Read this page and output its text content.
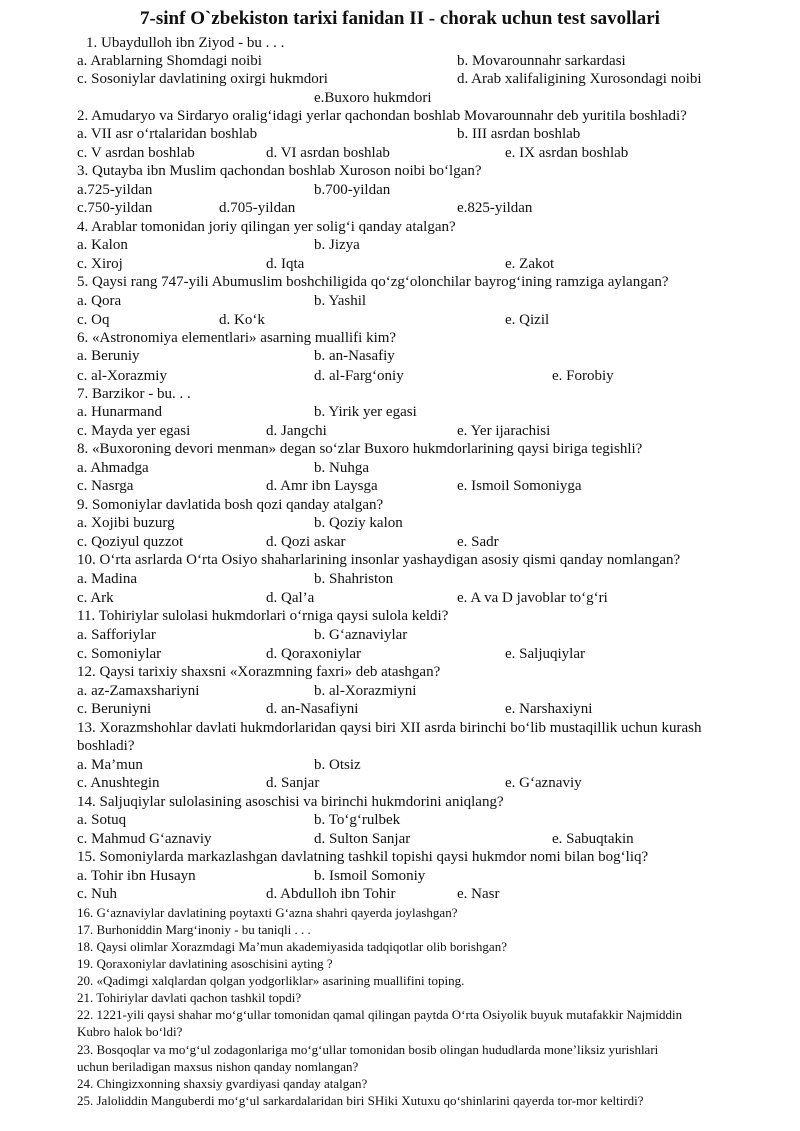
7-sinf O`zbekiston tarixi fanidan II - chorak uchun test savollari
1. Ubaydulloh ibn Ziyod - bu . . .
a. Arablarning Shomdagi noibi	b. Movarounnahr sarkardasi
c. Sosoniylar davlatining oxirgi hukmdori	d. Arab xalifaligining Xurosondagi noibi
e.Buxoro hukmdori
2. Amudaryo va Sirdaryo oralig‘idagi yerlar qachondan boshlab Movarounnahr deb yuritila boshladi?
a. VII asr o‘rtalaridan boshlab	b. III asrdan boshlab
c. V asrdan boshlab	d. VI asrdan boshlab	e. IX asrdan boshlab
3. Qutayba ibn Muslim qachondan boshlab Xuroson noibi bo‘lgan?
a.725-yildan	b.700-yildan
c.750-yildan	d.705-yildan	e.825-yildan
4. Arablar tomonidan joriy qilingan yer solig‘i qanday atalgan?
a. Kalon	b. Jizya
c. Xiroj	d. Iqta	e. Zakot
5. Qaysi rang 747-yili Abumuslim boshchiligida qo‘zg‘olonchilar bayrog‘ining ramziga aylangan?
a. Qora	b. Yashil
c. Oq	d. Ko‘k	e. Qizil
6. «Astronomiya elementlari» asarning muallifi kim?
a. Beruniy	b. an-Nasafiy
c. al-Xorazmiy	d. al-Farg‘oniy	e. Forobiy
7. Barzikor - bu. . .
a. Hunarmand	b. Yirik yer egasi
c. Mayda yer egasi	d. Jangchi	e. Yer ijarachisi
8. «Buxoroning devori menman» degan so‘zlar Buxoro hukmdorlarining qaysi biriga tegishli?
a. Ahmadga	b. Nuhga
c. Nasrga	d. Amr ibn Laysga	e. Ismoil Somoniyga
9. Somoniylar davlatida bosh qozi qanday atalgan?
a. Xojibi buzurg	b. Qoziy kalon
c. Qoziyul quzzot	d. Qozi askar	e. Sadr
10. O‘rta asrlarda O‘rta Osiyo shaharlarining insonlar yashaydigan asosiy qismi qanday nomlangan?
a. Madina	b. Shahriston
c. Ark	d. Qal’a	e. A va D javoblar to‘g‘ri
11. Tohiriylar sulolasi hukmdorlari o‘rniga qaysi sulola keldi?
a. Safforiylar	b. G‘aznaviylar
c. Somoniylar	d. Qoraxoniylar	e. Saljuqiylar
12. Qaysi tarixiy shaxsni «Xorazmning faxri» deb atashgan?
a. az-Zamaxshariyni	b. al-Xorazmiyni
c. Beruniyni	d. an-Nasafiyni	e. Narshaxiyni
13. Xorazmshohlar davlati hukmdorlaridan qaysi biri XII asrda birinchi bo‘lib mustaqillik uchun kurash
boshladi?
a. Ma’mun	b. Otsiz
c. Anushtegin	d. Sanjar	e. G‘aznaviy
14. Saljuqiylar sulolasining asoschisi va birinchi hukmdorini aniqlang?
a. Sotuq	b. To‘g‘rulbek
c. Mahmud G‘aznaviy	d. Sulton Sanjar	e. Sabuqtakin
15. Somoniylarda markazlashgan davlatning tashkil topishi qaysi hukmdor nomi bilan bog‘liq?
a. Tohir ibn Husayn	b. Ismoil Somoniy
c. Nuh	d. Abdulloh ibn Tohir	e. Nasr
16. G‘aznaviylar davlatining poytaxti G‘azna shahri qayerda joylashgan?
17. Burhoniddin Marg‘inoniy - bu taniqli . . .
18. Qaysi olimlar Xorazmdagi Ma’mun akademiyasida tadqiqotlar olib borishgan?
19. Qoraxoniylar davlatining asoschisini ayting ?
20. «Qadimgi xalqlardan qolgan yodgorliklar» asarining muallifini toping.
21. Tohiriylar davlati qachon tashkil topdi?
22. 1221-yili qaysi shahar mo‘g‘ullar tomonidan qamal qilingan paytda O‘rta Osiyolik buyuk mutafakkir Najmiddin
Kubro halok bo‘ldi?
23. Bosqoqlar va mo‘g‘ul zodagonlariga mo‘g‘ullar tomonidan bosib olingan hududlarda mone’liksiz yurishlari
uchun beriladigan maxsus nishon qanday nomlangan?
24. Chingizxonning shaxsiy gvardiyasi qanday atalgan?
25. Jaloliddin Manguberdi mo‘g‘ul sarkardalaridan biri SHiki Xutuxu qo‘shinlarini qayerda tor-mor keltirdi?
